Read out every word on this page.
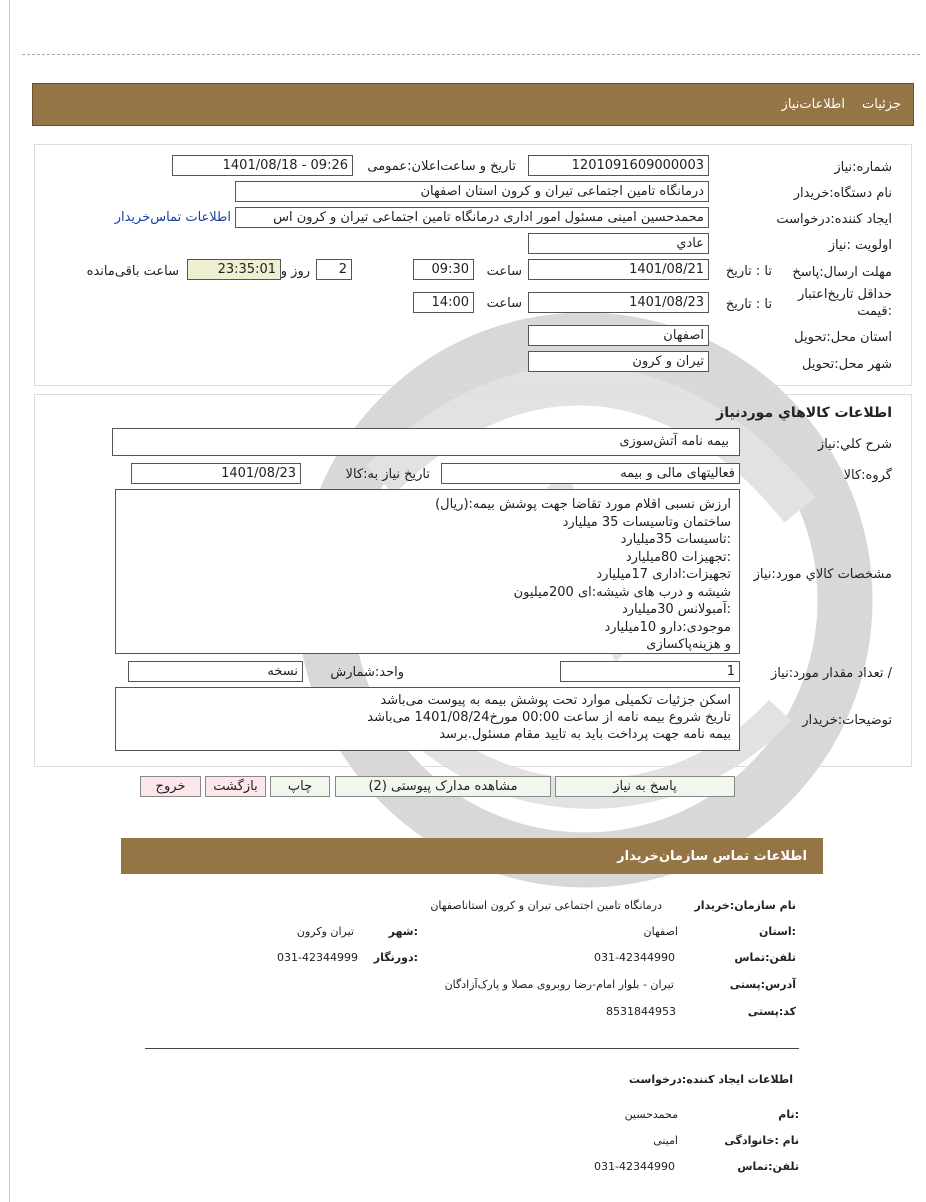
جزئیات
اطلاعات‌نیاز
شماره:نیاز
1201091609000003
تاریخ و ساعت‌اعلان:عمومی
1401/08/18 - 09:26
نام دستگاه:خریدار
درمانگاه تامین اجتماعی تیران و کرون استان اصفهان
ایجاد کننده:درخواست
محمدحسین امینی مسئول امور اداری درمانگاه تامین اجتماعی تیران و کرون اس
اطلاعات تماس‌خریدار
اولویت :نیاز
عادي
مهلت ارسال:پاسخ
تا : تاریخ
1401/08/21
ساعت
09:30
2
روز و
23:35:01
ساعت باقی‌مانده
حداقل تاریخ‌اعتبار
:قیمت
تا : تاریخ
1401/08/23
ساعت
14:00
استان محل:تحویل
اصفهان
شهر محل:تحویل
تیران و کرون
اطلاعات كالاهاي موردنياز
شرح کلي:نیاز
بیمه نامه آتش‌سوزی
گروه:كالا
فعالیتهای مالی و بیمه
تاریخ نیاز به:کالا
1401/08/23
مشخصات کالاي مورد:نیاز
ارزش نسبی اقلام مورد تقاضا جهت پوشش بیمه:(ریال)
ساختمان وتاسیسات 35 میلیارد
:تاسیسات 35میلیارد
:تجهیزات 80میلیارد
تجهیزات:اداری 17میلیارد
شیشه و درب های شیشه:ای 200میلیون
:آمبولانس 30میلیارد
موجودی:دارو 10میلیارد
و هزینه‌پاکسازی
/ تعداد مقدار مورد:نیاز
1
واحد:شمارش
نسخه
توضیحات:خریدار
اسکن جزئیات تکمیلی موارد تحت پوشش بیمه به پیوست می‌باشد
تاریخ شروع بیمه نامه از ساعت 00:00 مورخ1401/08/24 می‌باشد
بیمه نامه جهت پرداخت باید به تایید مقام مسئول.برسد
پاسخ به نیاز
مشاهده مدارک پیوستی (2)
چاپ
بازگشت
خروج
اطلاعات تماس سازمان‌خریدار
نام سازمان:خریدار
درمانگاه تامین اجتماعی تیران و کرون استاناصفهان
:استان
اصفهان
:شهر
تیران وکرون
تلفن:تماس
031-42344990
:دورنگار
031-42344999
آدرس:پستی
تیران - بلوار امام-رضا روبروی مصلا و پارک‌آزادگان
کد:پستی
8531844953
اطلاعات ایجاد کننده:درخواست
:نام
محمدحسین
نام :خانوادگی
امینی
تلفن:تماس
031-42344990
